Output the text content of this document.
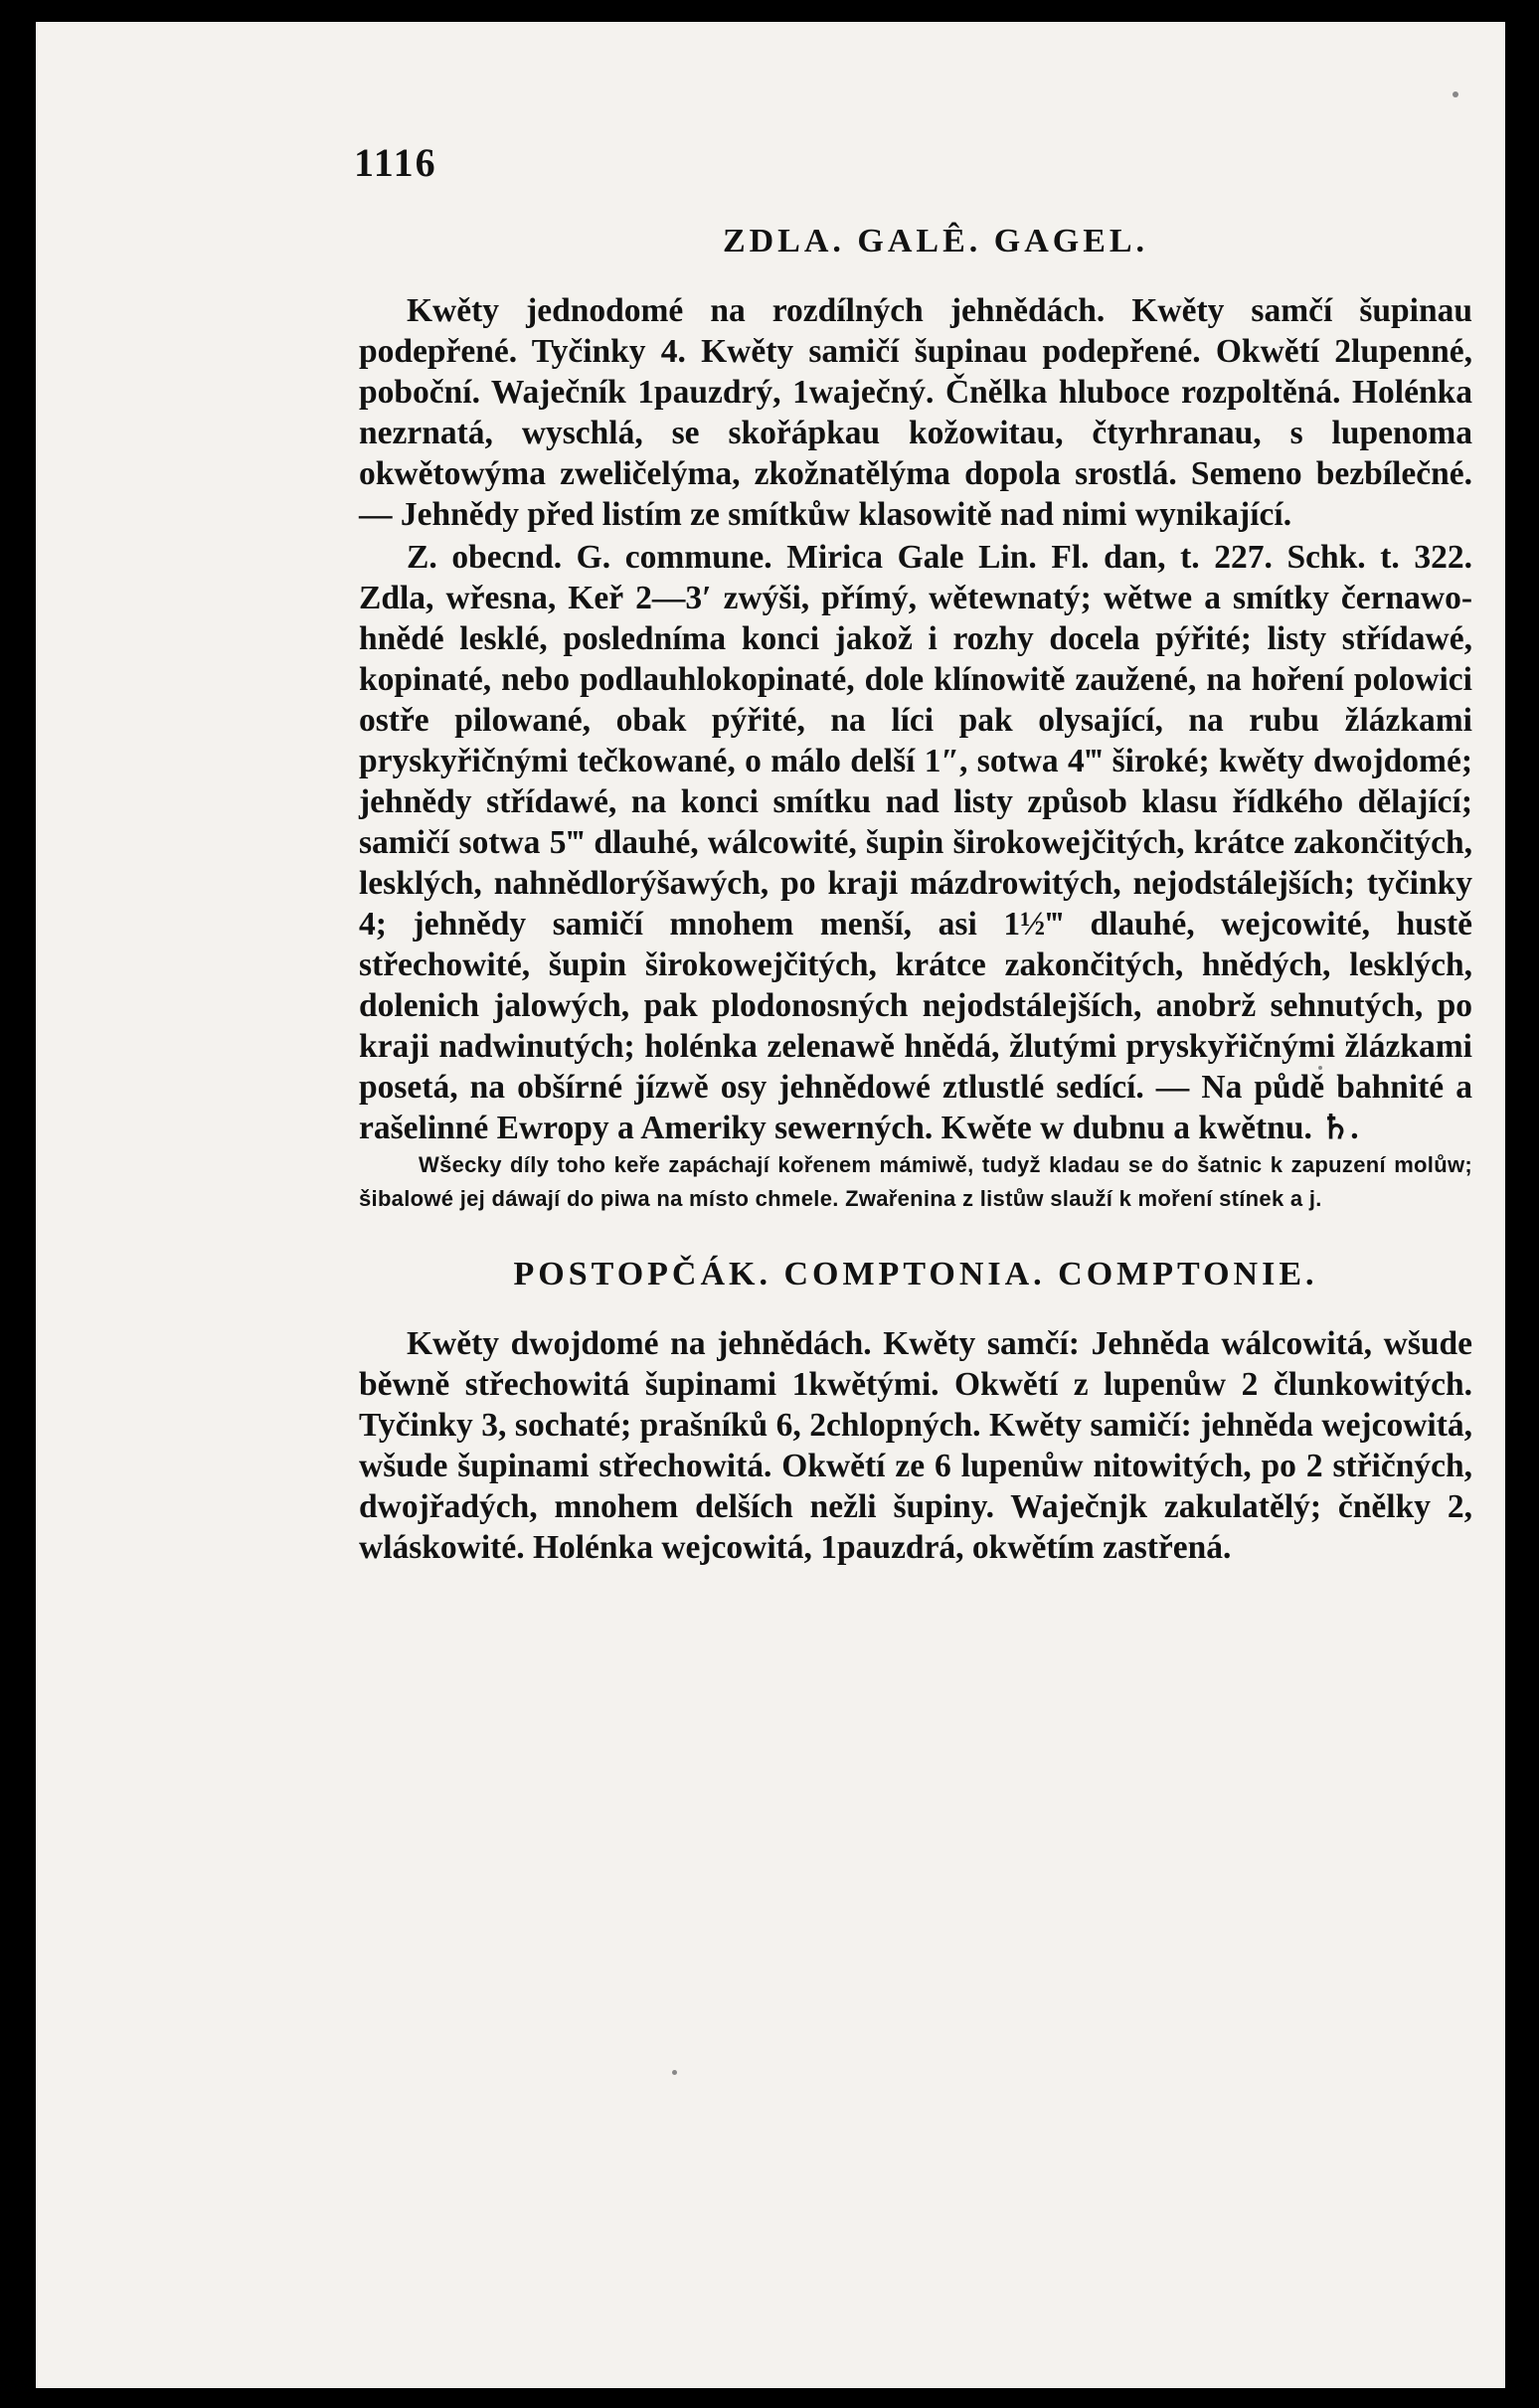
1116
ZDLA. GALÊ. GAGEL.

Kwěty jednodomé na rozdílných jehnědách. Kwěty samčí šupinau podepřené. Tyčinky 4. Kwěty samičí šupinau podepřené. Okwětí 2lupenné, poboční. Waječník 1pauzdrý, 1waječný. Čnělka hluboce rozpoltěná. Holénka nezrnatá, wyschlá, se skořápkau kožowitau, čtyrhranau, s lupenoma okwětowýma zweličelýma, zkožnatělýma dopola srostlá. Semeno bezbílečné. — Jehnědy před listím ze smítkůw klasowitě nad nimi wynikající.

Z. obecnd. G. commune. Mirica Gale Lin. Fl. dan, t. 227. Schk. t. 322. Zdla, wřesna, Keř 2—3′ zwýši, přímý, wětewnatý; wětwe a smítky černawo-hnědé lesklé, posledníma konci jakož i rozhy docela pýřité; listy střídawé, kopinaté, nebo podlauhlokopinaté, dole klínowitě zaužené, na hoření polowici ostře pilowané, obak pýřité, na líci pak olysající, na rubu žlázkami pryskyřičnými tečkowané, o málo delší 1″, sotwa 4‴ široké; kwěty dwojdomé; jehnědy střídawé, na konci smítku nad listy způsob klasu řídkého dělající; samičí sotwa 5‴ dlauhé, wálcowité, šupin širokowejčitých, krátce zakončitých, lesklých, nahnědlorýšawých, po kraji mázdrowitých, nejodstálejších; tyčinky 4; jehnědy samičí mnohem menší, asi 1½‴ dlauhé, wejcowité, hustě střechowité, šupin širokowejčitých, krátce zakončitých, hnědých, lesklých, dolenich jalowých, pak plodonosných nejodstálejších, anobrž sehnutých, po kraji nadwinutých; holénka zelenawě hnědá, žlutými pryskyřičnými žlázkami posetá, na obšírné jízwě osy jehnědowé ztlustlé sedící. — Na půdě bahnité a rašelinné Ewropy a Ameriky sewerných. Kwěte w dubnu a kwětnu. ♄.

Wšecky díly toho keře zapáchají kořenem mámiwě, tudyž kladau se do šatnic k zapuzení molůw; šibalowé jej dáwají do piwa na místo chmele. Zwařenina z listůw slauží k moření stínek a j.

POSTOPČÁK. COMPTONIA. COMPTONIE.

Kwěty dwojdomé na jehnědách. Kwěty samčí: Jehněda wálcowitá, wšude běwně střechowitá šupinami 1kwětými. Okwětí z lupenůw 2 člunkowitých. Tyčinky 3, sochaté; prašníků 6, 2chlopných. Kwěty samičí: jehněda wejcowitá, wšude šupinami střechowitá. Okwětí ze 6 lupenůw nitowitých, po 2 střičných, dwojřadých, mnohem delších nežli šupiny. Waječnjk zakulatělý; čnělky 2, wláskowité. Holénka wejcowitá, 1pauzdrá, okwětím zastřená.
